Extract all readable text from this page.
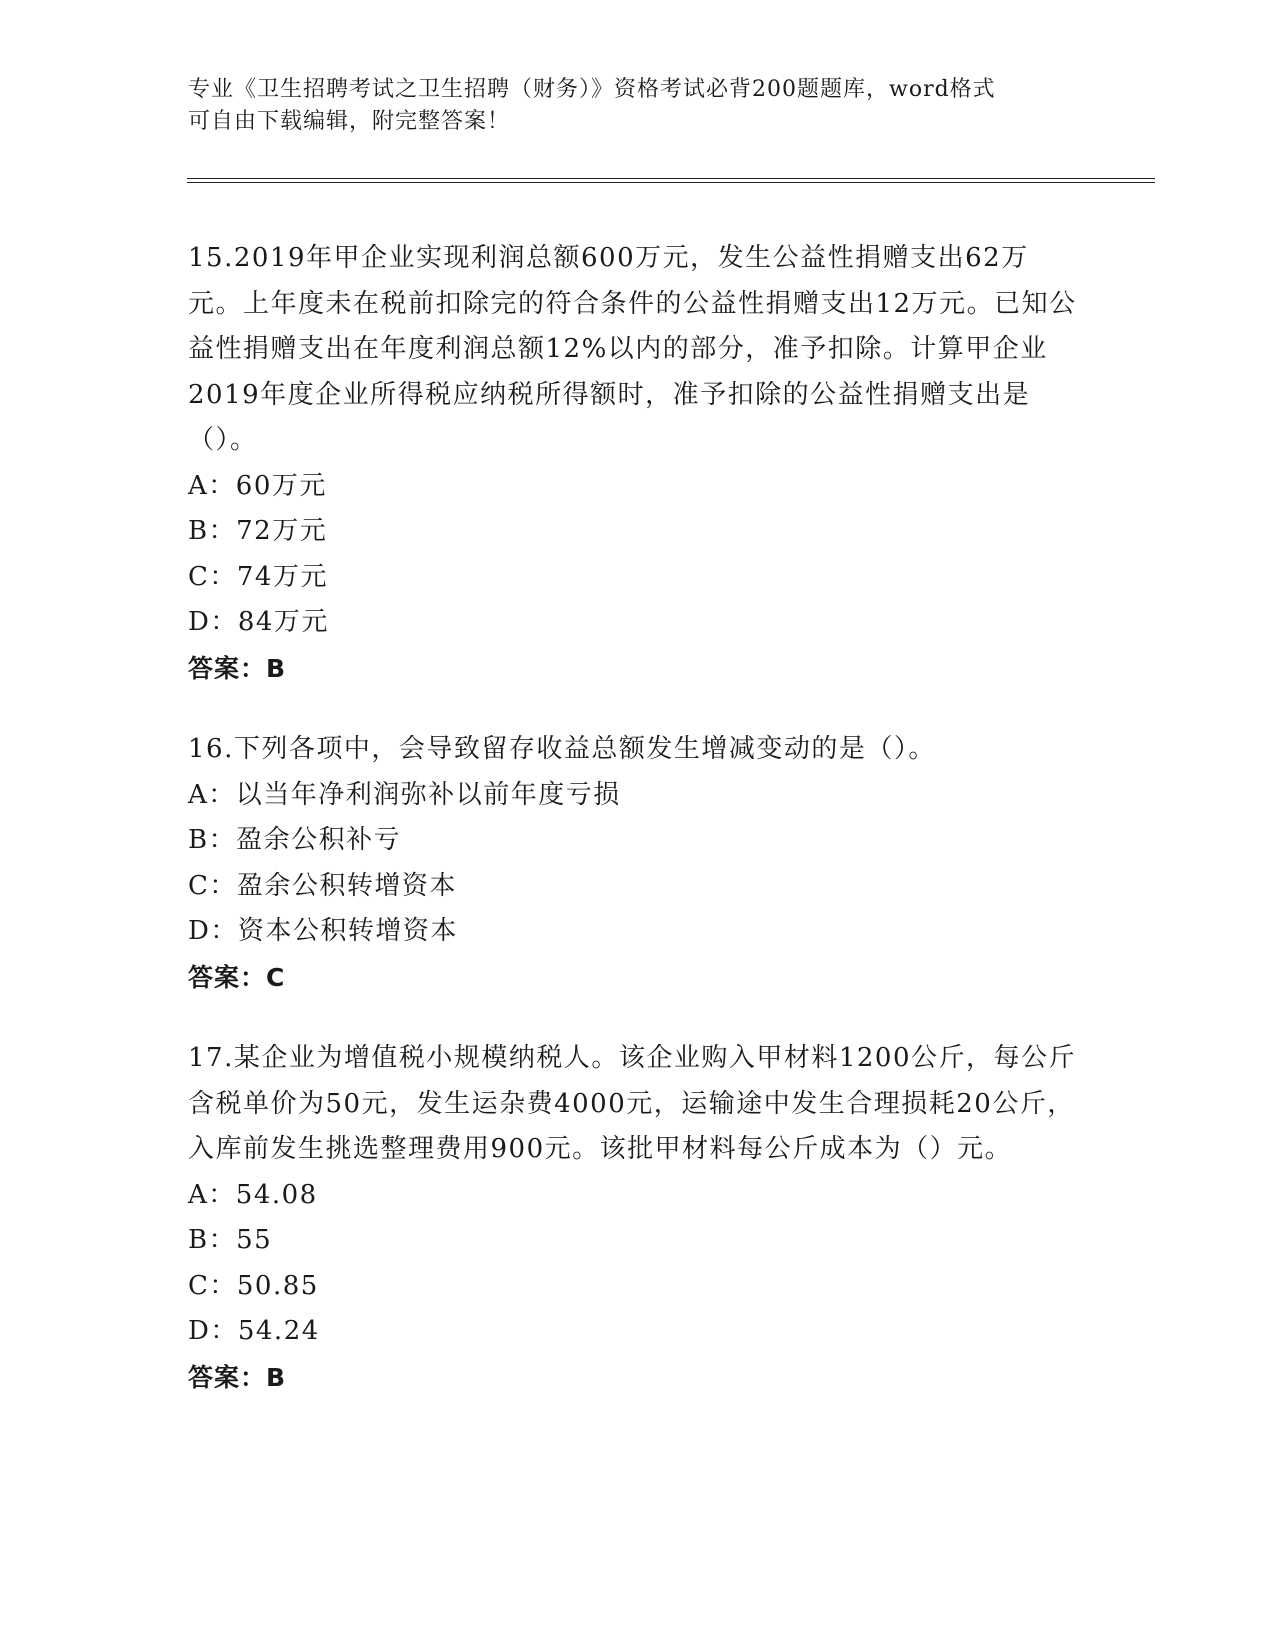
专业《卫生招聘考试之卫生招聘（财务）》资格考试必背200题题库，word格式
可自由下载编辑，附完整答案！
15.2019年甲企业实现利润总额600万元，发生公益性捐赠支出62万元。上年度未在税前扣除完的符合条件的公益性捐赠支出12万元。已知公益性捐赠支出在年度利润总额12%以内的部分，准予扣除。计算甲企业2019年度企业所得税应纳税所得额时，准予扣除的公益性捐赠支出是（）。
A：60万元
B：72万元
C：74万元
D：84万元
答案：B
16.下列各项中，会导致留存收益总额发生增减变动的是（）。
A：以当年净利润弥补以前年度亏损
B：盈余公积补亏
C：盈余公积转增资本
D：资本公积转增资本
答案：C
17.某企业为增值税小规模纳税人。该企业购入甲材料1200公斤，每公斤含税单价为50元，发生运杂费4000元，运输途中发生合理损耗20公斤，入库前发生挑选整理费用900元。该批甲材料每公斤成本为（）元。
A：54.08
B：55
C：50.85
D：54.24
答案：B
